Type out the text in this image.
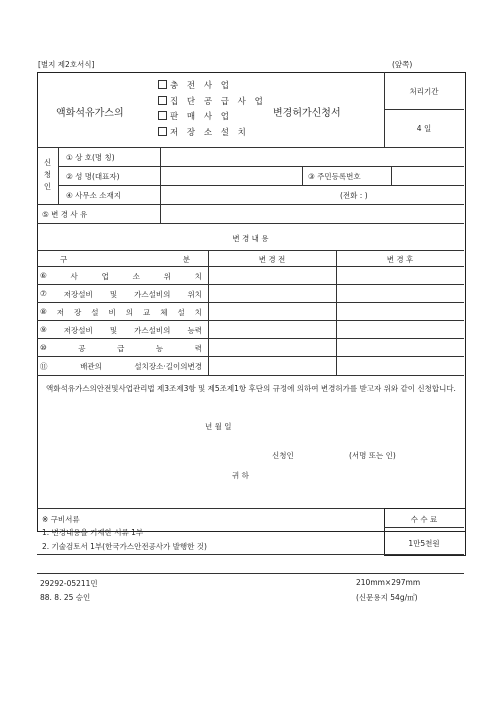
[별지 제2호서식]	(앞쪽)
액화석유가스의
충 전 사 업
집 단 공 급 사 업
판 매 사 업
저 장 소 설 치
변경허가신청서
처리기간
4 일
신
청
인
① 상 호(명 칭)
② 성 명(대표자)	③ 주민등록번호
④ 사무소 소재지	(전화 : )
⑤ 변 경 사 유
변 경 내 용
구	분	변 경 전	변 경 후
⑥	사	업	소	위	치
⑦ 저장설비 및 가스설비의 위치
⑧ 저 장 설 비 의 교 체 설 치
⑨ 저장설비 및 가스설비의 능력
⑩	공	급	능	력
⑪	배관의	설치장소·길이의변경
액화석유가스의안전및사업관리법 제3조제3항 및 제5조제1항 후단의 규정에 의하여 변경허가를 받고자 위와 같이 신청합니다.
년 월 일
신청인	(서명 또는 인)
귀 하
※ 구비서류
1. 변경내용을 기재한 서류 1부
2. 기술검토서 1부(한국가스안전공사가 발행한 것)
수 수 료
1만5천원
29292-05211민	210mm×297mm
88. 8. 25 승인	(신문용지 54g/㎡)
